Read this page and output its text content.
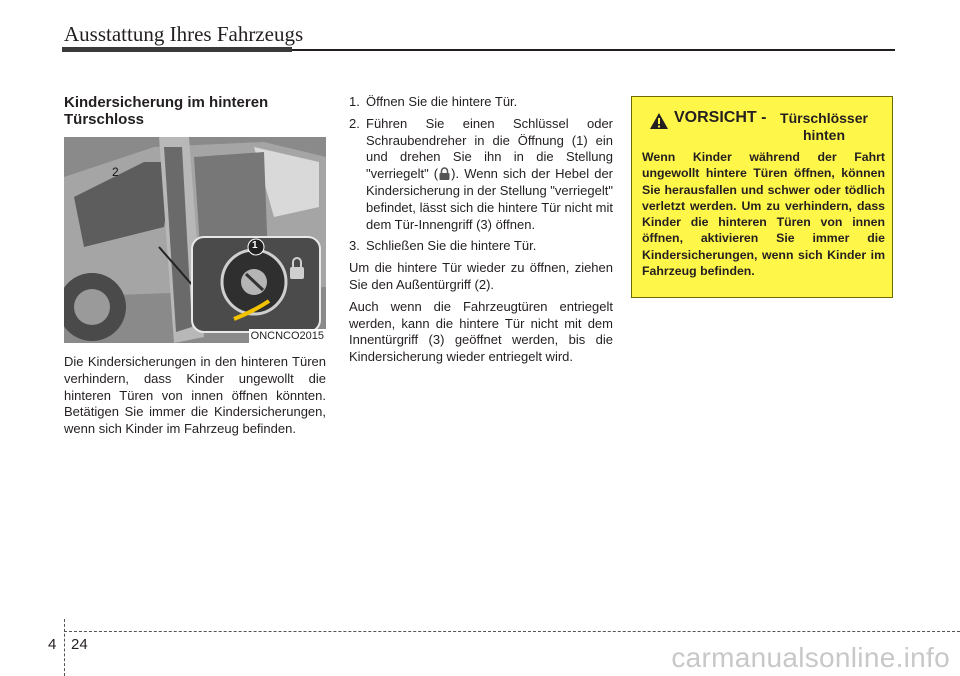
Ausstattung Ihres Fahrzeugs
Kindersicherung im hinteren Türschloss
1
2
ONCNCO2015

Die Kindersicherungen in den hinteren Türen verhindern, dass Kinder ungewollt die hinteren Türen von innen öffnen könnten. Betätigen Sie immer die Kindersicherungen, wenn sich Kinder im Fahrzeug befinden.

1. Öffnen Sie die hintere Tür.
2. Führen Sie einen Schlüssel oder Schraubendreher in die Öffnung (1) ein und drehen Sie ihn in die Stellung "verriegelt" ( ). Wenn sich der Hebel der Kindersicherung in der Stellung "verriegelt" befindet, lässt sich die hintere Tür nicht mit dem Tür-Innengriff (3) öffnen.
3. Schließen Sie die hintere Tür.

Um die hintere Tür wieder zu öffnen, ziehen Sie den Außentürgriff (2).

Auch wenn die Fahrzeugtüren entriegelt werden, kann die hintere Tür nicht mit dem Innentürgriff (3) geöffnet werden, bis die Kindersicherung wieder entriegelt wird.

VORSICHT - Türschlösser hinten
Wenn Kinder während der Fahrt ungewollt hintere Türen öffnen, können Sie herausfallen und schwer oder tödlich verletzt werden. Um zu verhindern, dass Kinder die hinteren Türen von innen öffnen, aktivieren Sie immer die Kindersicherungen, wenn sich Kinder im Fahrzeug befinden.
4 24	carmanualsonline.info
